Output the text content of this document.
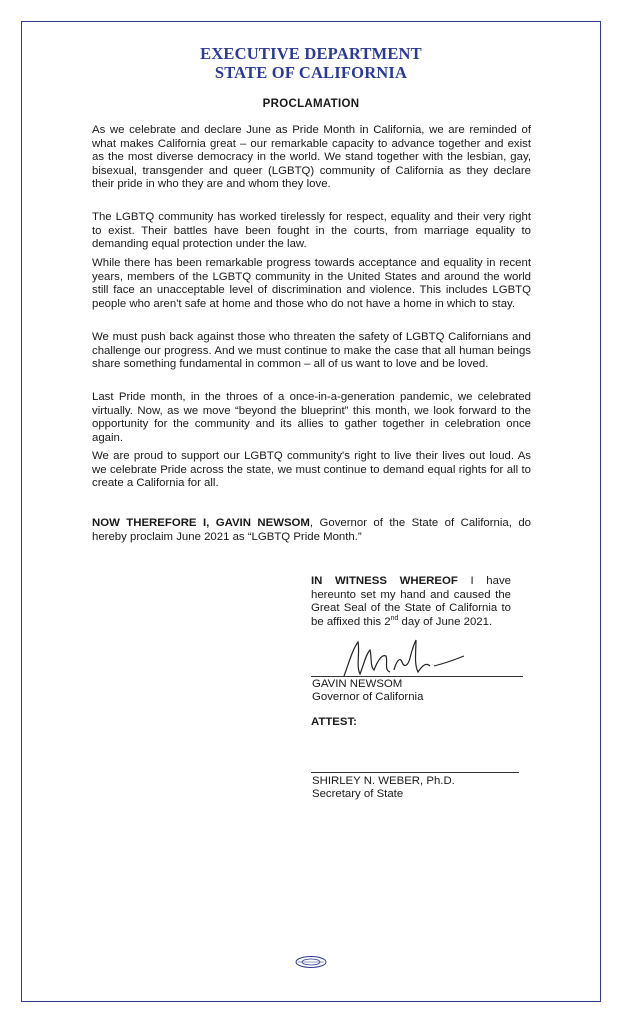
EXECUTIVE DEPARTMENT
STATE OF CALIFORNIA
PROCLAMATION

As we celebrate and declare June as Pride Month in California, we are reminded of what makes California great – our remarkable capacity to advance together and exist as the most diverse democracy in the world. We stand together with the lesbian, gay, bisexual, transgender and queer (LGBTQ) community of California as they declare their pride in who they are and whom they love.

The LGBTQ community has worked tirelessly for respect, equality and their very right to exist. Their battles have been fought in the courts, from marriage equality to demanding equal protection under the law.

While there has been remarkable progress towards acceptance and equality in recent years, members of the LGBTQ community in the United States and around the world still face an unacceptable level of discrimination and violence. This includes LGBTQ people who aren't safe at home and those who do not have a home in which to stay.

We must push back against those who threaten the safety of LGBTQ Californians and challenge our progress. And we must continue to make the case that all human beings share something fundamental in common – all of us want to love and be loved.

Last Pride month, in the throes of a once-in-a-generation pandemic, we celebrated virtually. Now, as we move “beyond the blueprint” this month, we look forward to the opportunity for the community and its allies to gather together in celebration once again.

We are proud to support our LGBTQ community's right to live their lives out loud. As we celebrate Pride across the state, we must continue to demand equal rights for all to create a California for all.

NOW THEREFORE I, GAVIN NEWSOM, Governor of the State of California, do hereby proclaim June 2021 as “LGBTQ Pride Month.”

IN WITNESS WHEREOF I have hereunto set my hand and caused the Great Seal of the State of California to be affixed this 2nd day of June 2021.

GAVIN NEWSOM

Governor of California

ATTEST:

SHIRLEY N. WEBER, Ph.D.

Secretary of State
